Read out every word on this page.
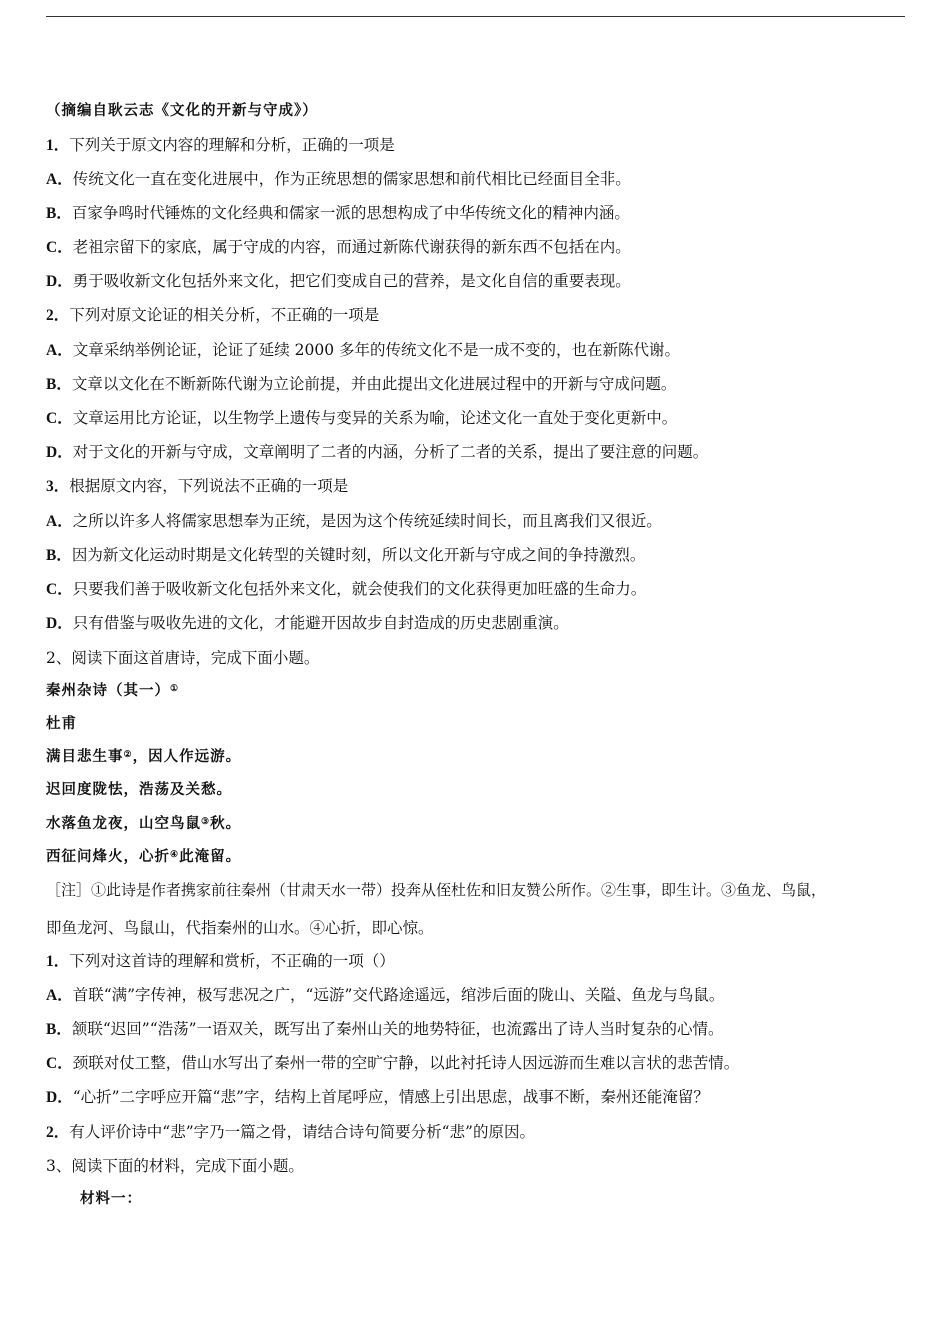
（摘编自耿云志《文化的开新与守成》）
1．下列关于原文内容的理解和分析，正确的一项是
A．传统文化一直在变化进展中，作为正统思想的儒家思想和前代相比已经面目全非。
B．百家争鸣时代锤炼的文化经典和儒家一派的思想构成了中华传统文化的精神内涵。
C．老祖宗留下的家底，属于守成的内容，而通过新陈代谢获得的新东西不包括在内。
D．勇于吸收新文化包括外来文化，把它们变成自己的营养，是文化自信的重要表现。
2．下列对原文论证的相关分析，不正确的一项是
A．文章采纳举例论证，论证了延续 2000 多年的传统文化不是一成不变的，也在新陈代谢。
B．文章以文化在不断新陈代谢为立论前提，并由此提出文化进展过程中的开新与守成问题。
C．文章运用比方论证，以生物学上遗传与变异的关系为喻，论述文化一直处于变化更新中。
D．对于文化的开新与守成，文章阐明了二者的内涵，分析了二者的关系，提出了要注意的问题。
3．根据原文内容，下列说法不正确的一项是
A．之所以许多人将儒家思想奉为正统，是因为这个传统延续时间长，而且离我们又很近。
B．因为新文化运动时期是文化转型的关键时刻，所以文化开新与守成之间的争持激烈。
C．只要我们善于吸收新文化包括外来文化，就会使我们的文化获得更加旺盛的生命力。
D．只有借鉴与吸收先进的文化，才能避开因故步自封造成的历史悲剧重演。
2、阅读下面这首唐诗，完成下面小题。
秦州杂诗（其一）①
杜甫
满目悲生事②，因人作远游。
迟回度陇怯，浩荡及关愁。
水落鱼龙夜，山空鸟鼠③秋。
西征问烽火，心折④此淹留。
［注］①此诗是作者携家前往秦州（甘肃天水一带）投奔从侄杜佐和旧友赞公所作。②生事，即生计。③鱼龙、鸟鼠，
即鱼龙河、鸟鼠山，代指秦州的山水。④心折，即心惊。
1．下列对这首诗的理解和赏析，不正确的一项（）
A．首联“满”字传神，极写悲况之广，“远游”交代路途遥远，绾涉后面的陇山、关隘、鱼龙与鸟鼠。
B．颔联“迟回”“浩荡”一语双关，既写出了秦州山关的地势特征，也流露出了诗人当时复杂的心情。
C．颈联对仗工整，借山水写出了秦州一带的空旷宁静，以此衬托诗人因远游而生难以言状的悲苦情。
D．“心折”二字呼应开篇“悲”字，结构上首尾呼应，情感上引出思虑，战事不断，秦州还能淹留？
2．有人评价诗中“悲”字乃一篇之骨，请结合诗句简要分析“悲”的原因。
3、阅读下面的材料，完成下面小题。
材料一：
